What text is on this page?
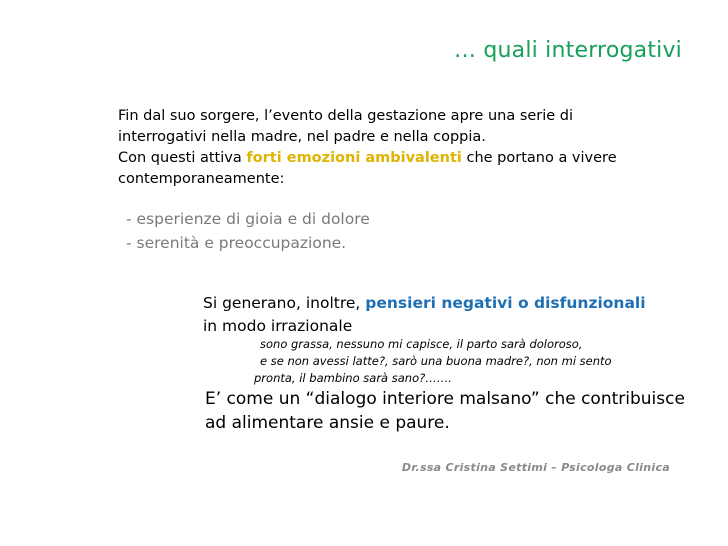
… quali interrogativi
Fin dal suo sorgere, l’evento della gestazione apre una serie di
interrogativi nella madre, nel padre e nella coppia.
Con questi attiva forti emozioni ambivalenti che portano a vivere
contemporaneamente:
- esperienze di gioia e di dolore
- serenità e preoccupazione.
Si generano, inoltre, pensieri negativi o disfunzionali
in modo irrazionale
sono grassa, nessuno mi capisce, il parto sarà doloroso,
e se non avessi latte?, sarò una buona madre?, non mi sento
pronta, il bambino sarà sano?…….
E’ come un “dialogo interiore malsano” che contribuisce
ad alimentare ansie e paure.
Dr.ssa Cristina Settimi – Psicologa Clinica
